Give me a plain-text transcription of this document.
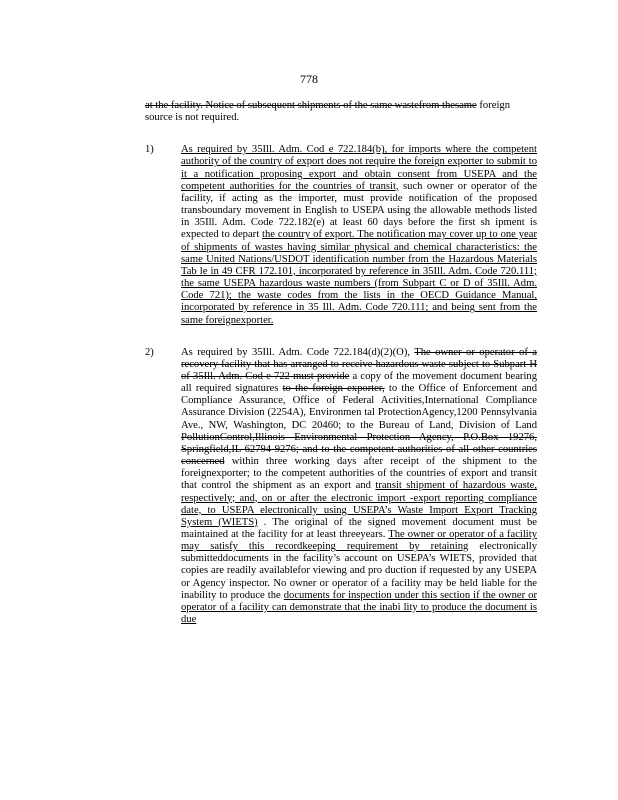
778

at the facility. Notice of subsequent shipments of the same wastefrom thesame foreign source is not required.

1)	As required by 35Ill. Adm. Cod e 722.184(b), for imports where the competent authority of the country of export does not require the foreign exporter to submit to it a notification proposing export and obtain consent from USEPA and the competent authorities for the countries of transit, such owner or operator of the facility, if acting as the importer, must provide notification of the proposed transboundary movement in English to USEPA using the allowable methods listed in 35Ill. Adm. Code 722.182(e) at least 60 days before the first sh ipment is expected to depart the country of export. The notification may cover up to one year of shipments of wastes having similar physical and chemical characteristics: the same United Nations/USDOT identification number from the Hazardous Materials Tab le in 49 CFR 172.101, incorporated by reference in 35Ill. Adm. Code 720.111; the same USEPA hazardous waste numbers (from Subpart C or D of 35Ill. Adm. Code 721); the waste codes from the lists in the OECD Guidance Manual, incorporated by reference in 35 Ill. Adm. Code 720.111; and being sent from the same foreignexporter.
2)	As required by 35Ill. Adm. Code 722.184(d)(2)(O), The owner or operator of a recovery facility that has arranged to receive hazardous waste subject to Subpart H of 35Ill. Adm. Cod e 722 must provide a copy of the movement document bearing all required signatures to the foreign exporter, to the Office of Enforcement and Compliance Assurance, Office of Federal Activities,International Compliance Assurance Division (2254A), Environmen tal ProtectionAgency,1200 Pennsylvania Ave., NW, Washington, DC 20460; to the Bureau of Land, Division of Land PollutionControl,Illinois Environmental Protection Agency, P.O.Box 19276, Springfield,IL 62794 9276; and to the competent authorities of all other countries concerned within three working days after receipt of the shipment to the foreignexporter; to the competent authorities of the countries of export and transit that control the shipment as an export and transit shipment of hazardous waste, respectively; and, on or after the electronic import -export reporting compliance date, to USEPA electronically using USEPA’s Waste Import Export Tracking System (WIETS) . The original of the signed movement document must be maintained at the facility for at least threeyears. The owner or operator of a facility may satisfy this recordkeeping requirement by retaining electronically submitteddocuments in the facility’s account on USEPA’s WIETS, provided that copies are readily availablefor viewing and pro duction if requested by any USEPA or Agency inspector. No owner or operator of a facility may be held liable for the inability to produce the documents for inspection under this section if the owner or operator of a facility can demonstrate that the inabi lity to produce the document is due
